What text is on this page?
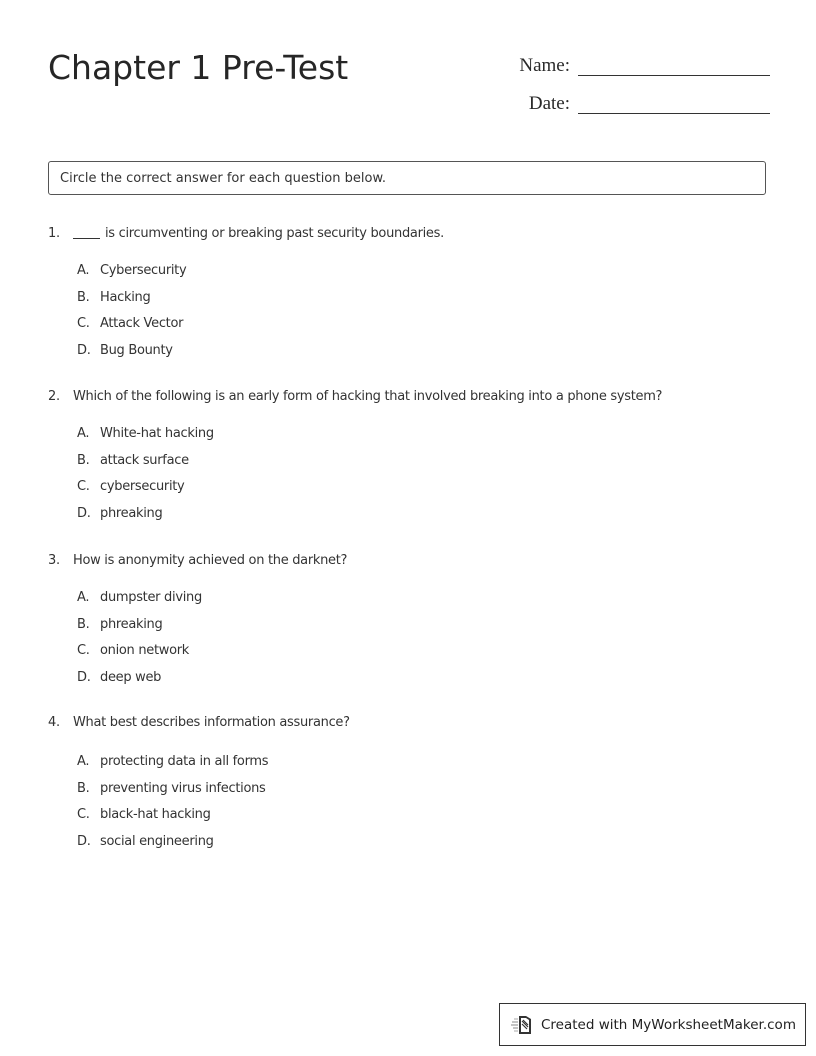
Chapter 1 Pre-Test	Name:
Date:
Circle the correct answer for each question below.
1.	is circumventing or breaking past security boundaries.
A. Cybersecurity
B. Hacking
C. Attack Vector
D. Bug Bounty
2.	Which of the following is an early form of hacking that involved breaking into a phone system?
A. White-hat hacking
B. attack surface
C. cybersecurity
D. phreaking
3.	How is anonymity achieved on the darknet?
A. dumpster diving
B. phreaking
C. onion network
D. deep web
4.	What best describes information assurance?
A. protecting data in all forms
B. preventing virus infections
C. black-hat hacking
D. social engineering
Created with MyWorksheetMaker.com
